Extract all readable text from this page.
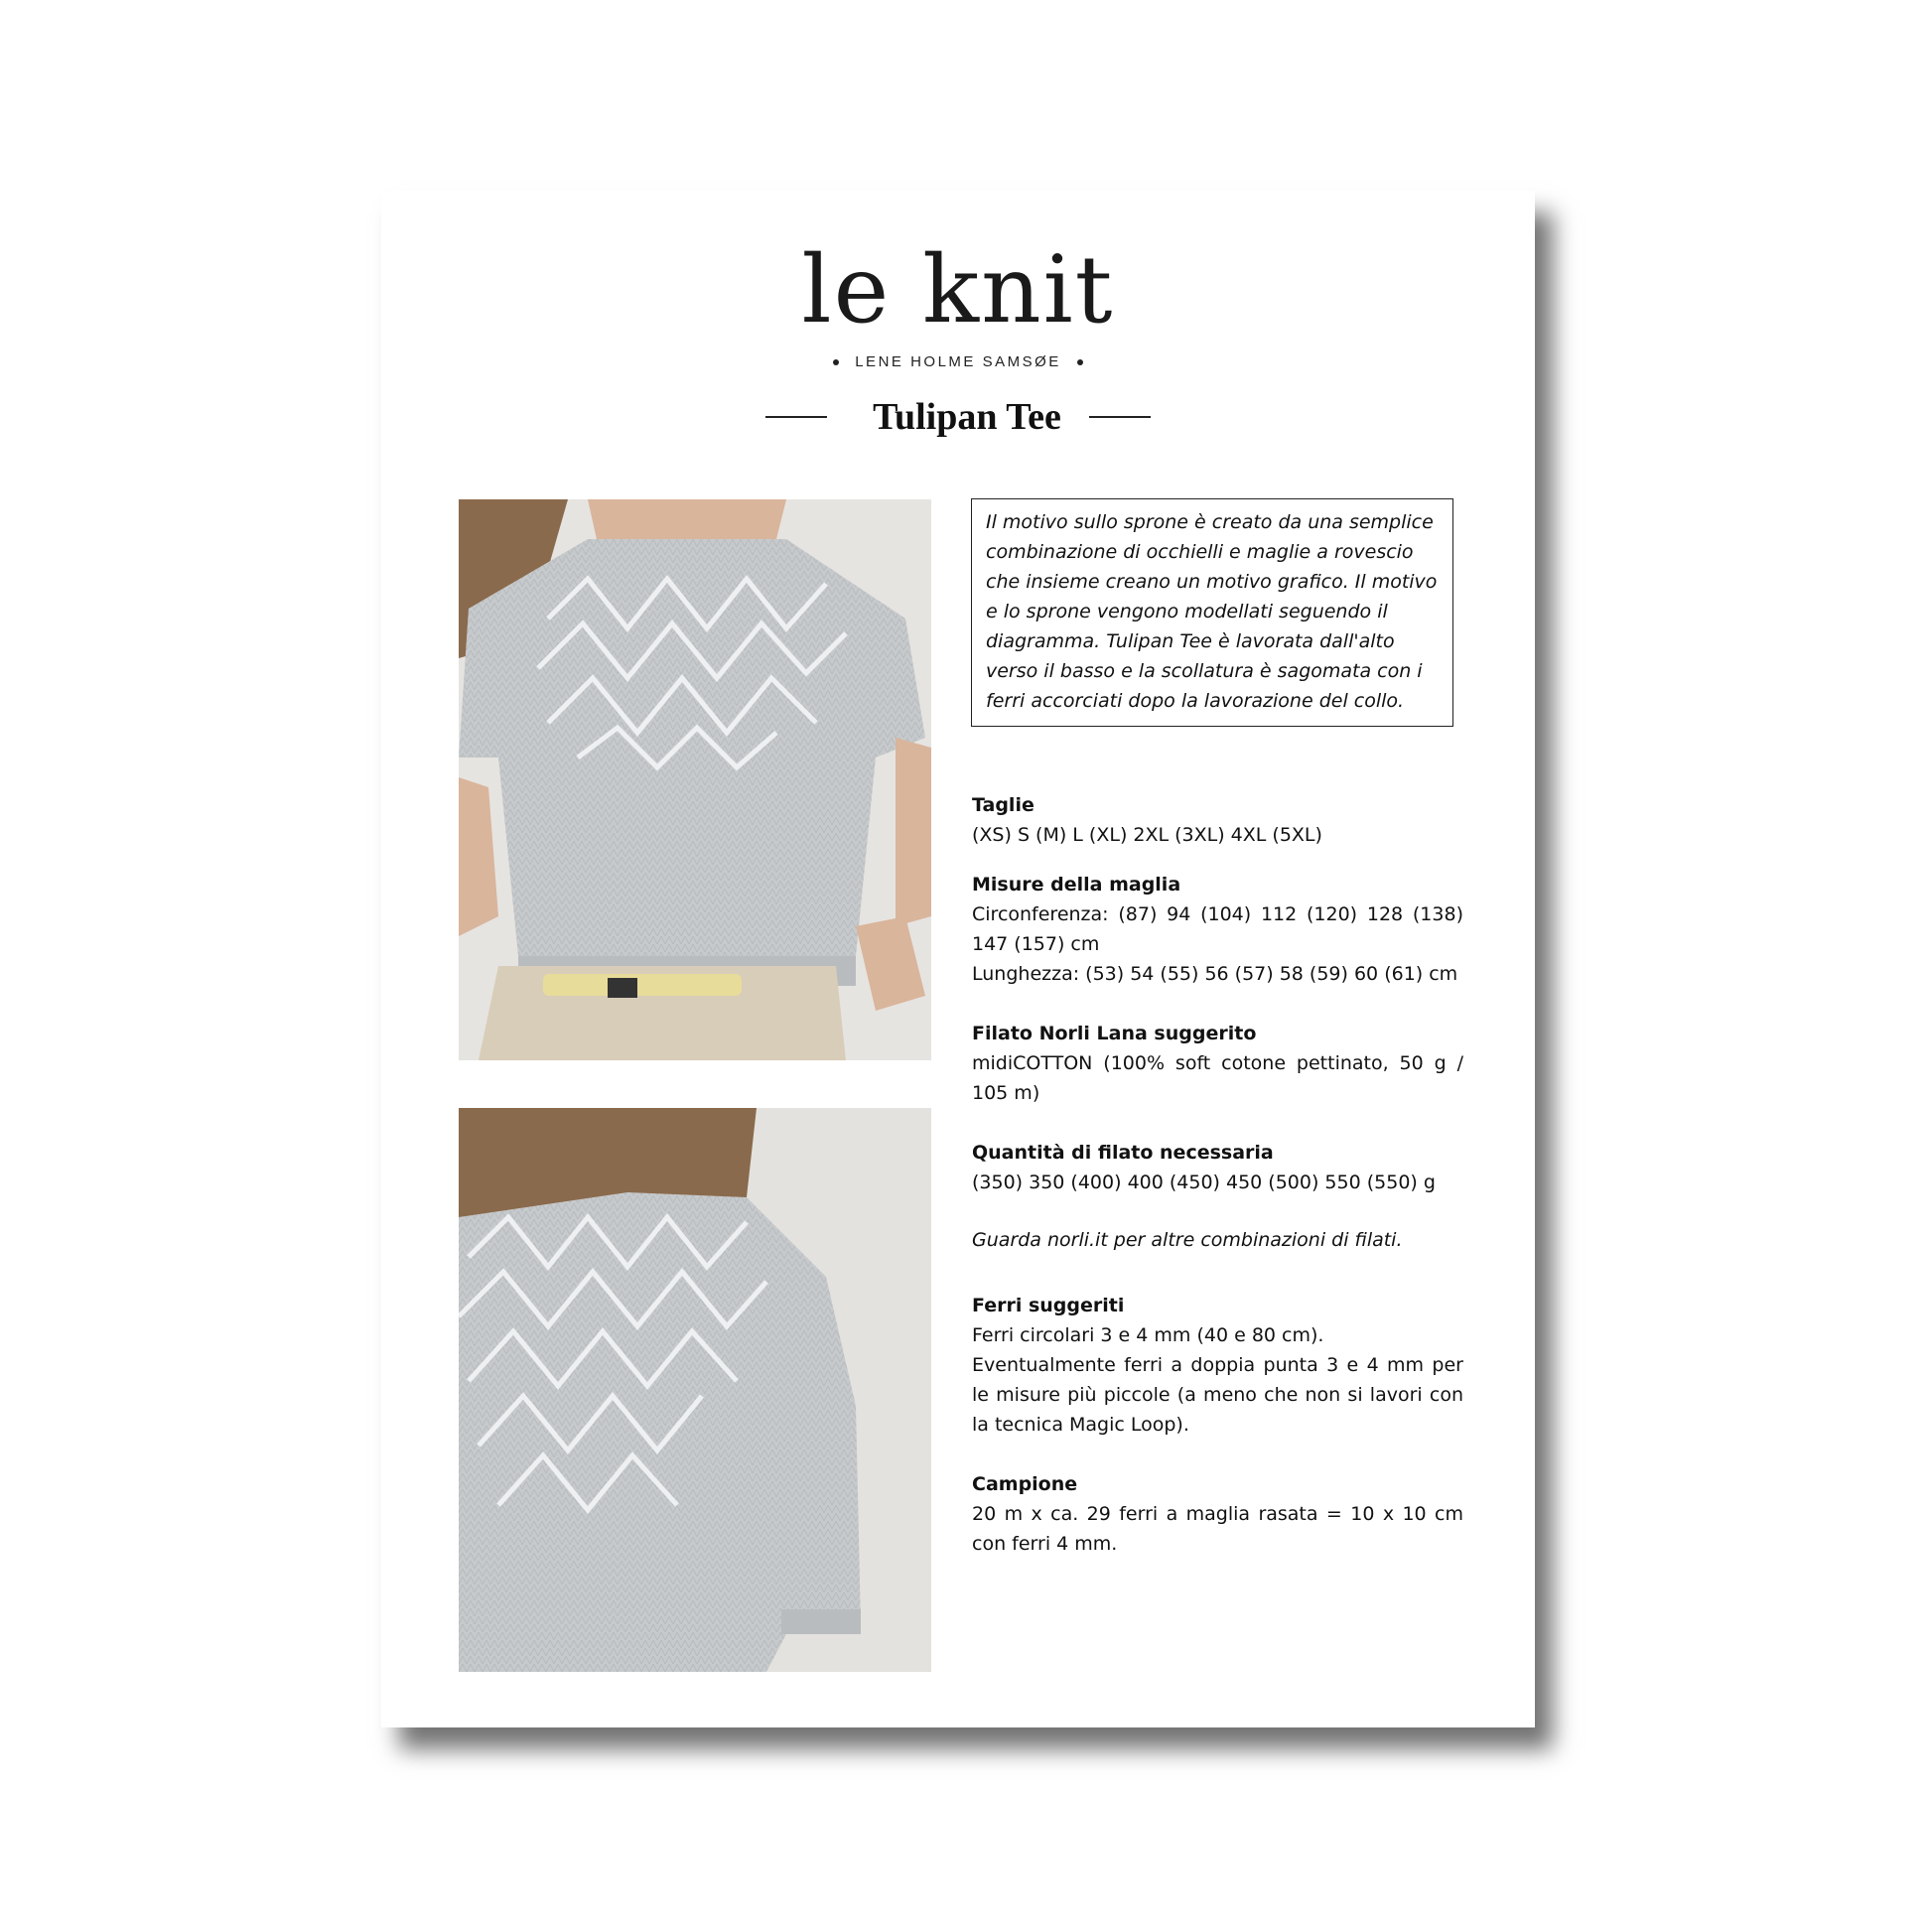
le knit
LENE HOLME SAMSØE
Tulipan Tee
Il motivo sullo sprone è creato da una semplice combinazione di occhielli e maglie a rovescio che insieme creano un motivo grafico. Il motivo e lo sprone vengono modellati seguendo il diagramma. Tulipan Tee è lavorata dall'alto verso il basso e la scollatura è sagomata con i ferri accorciati dopo la lavorazione del collo.

Taglie
(XS) S (M) L (XL) 2XL (3XL) 4XL (5XL)

Misure della maglia
Circonferenza: (87) 94 (104) 112 (120) 128 (138) 147 (157) cm
Lunghezza: (53) 54 (55) 56 (57) 58 (59) 60 (61) cm

Filato Norli Lana suggerito
midiCOTTON (100% soft cotone pettinato, 50 g / 105 m)

Quantità di filato necessaria
(350) 350 (400) 400 (450) 450 (500) 550 (550) g
Guarda norli.it per altre combinazioni di filati.

Ferri suggeriti
Ferri circolari 3 e 4 mm (40 e 80 cm).
Eventualmente ferri a doppia punta 3 e 4 mm per le misure più piccole (a meno che non si lavori con la tecnica Magic Loop).

Campione
20 m x ca. 29 ferri a maglia rasata = 10 x 10 cm con ferri 4 mm.
